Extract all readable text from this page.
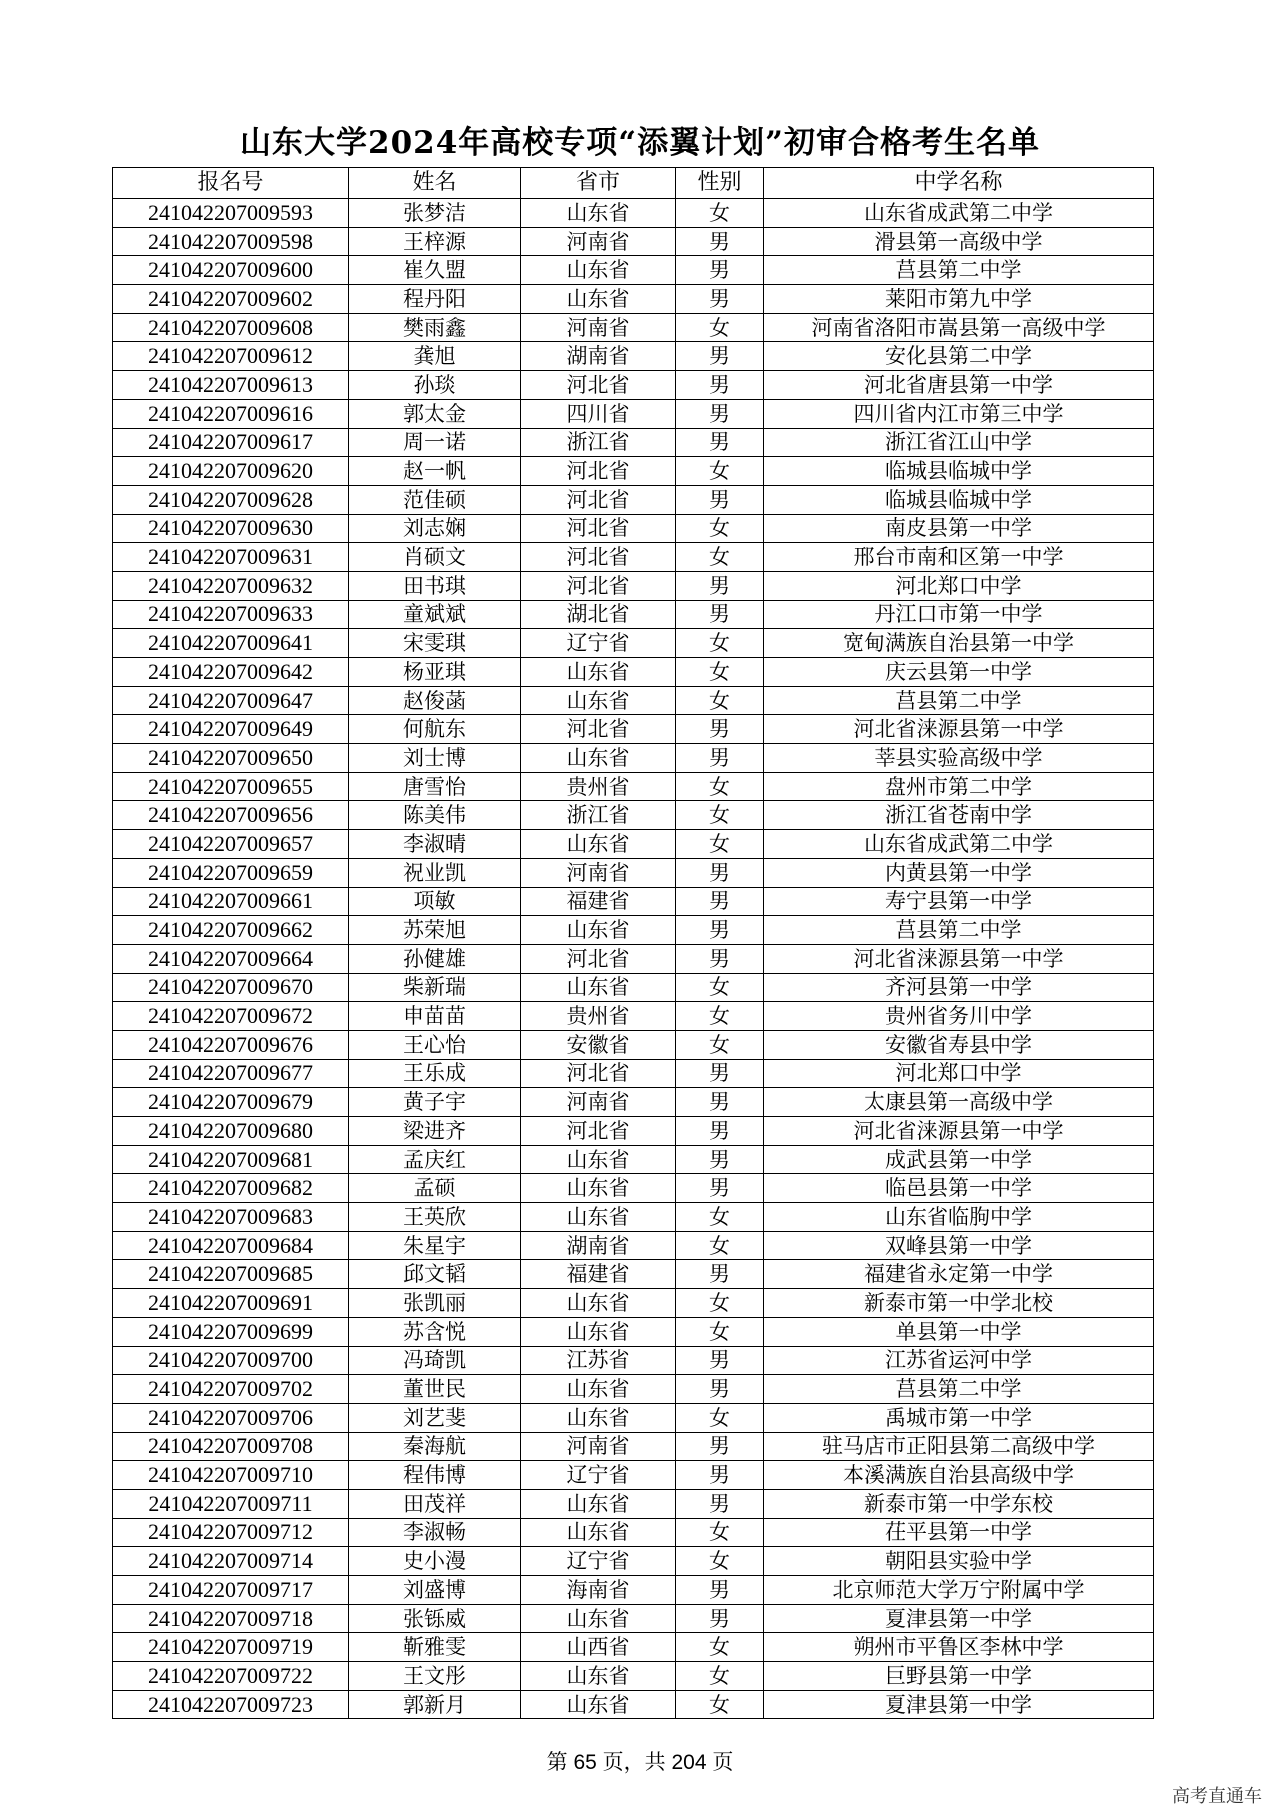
山东大学2024年高校专项“添翼计划”初审合格考生名单
报名号	姓名	省市	性别	中学名称
241042207009593	张梦洁	山东省	女	山东省成武第二中学
241042207009598	王梓源	河南省	男	滑县第一高级中学
241042207009600	崔久盟	山东省	男	莒县第二中学
241042207009602	程丹阳	山东省	男	莱阳市第九中学
241042207009608	樊雨鑫	河南省	女	河南省洛阳市嵩县第一高级中学
241042207009612	龚旭	湖南省	男	安化县第二中学
241042207009613	孙琰	河北省	男	河北省唐县第一中学
241042207009616	郭太金	四川省	男	四川省内江市第三中学
241042207009617	周一诺	浙江省	男	浙江省江山中学
241042207009620	赵一帆	河北省	女	临城县临城中学
241042207009628	范佳硕	河北省	男	临城县临城中学
241042207009630	刘志娴	河北省	女	南皮县第一中学
241042207009631	肖硕文	河北省	女	邢台市南和区第一中学
241042207009632	田书琪	河北省	男	河北郑口中学
241042207009633	童斌斌	湖北省	男	丹江口市第一中学
241042207009641	宋雯琪	辽宁省	女	宽甸满族自治县第一中学
241042207009642	杨亚琪	山东省	女	庆云县第一中学
241042207009647	赵俊菡	山东省	女	莒县第二中学
241042207009649	何航东	河北省	男	河北省涞源县第一中学
241042207009650	刘士博	山东省	男	莘县实验高级中学
241042207009655	唐雪怡	贵州省	女	盘州市第二中学
241042207009656	陈美伟	浙江省	女	浙江省苍南中学
241042207009657	李淑晴	山东省	女	山东省成武第二中学
241042207009659	祝业凯	河南省	男	内黄县第一中学
241042207009661	项敏	福建省	男	寿宁县第一中学
241042207009662	苏荣旭	山东省	男	莒县第二中学
241042207009664	孙健雄	河北省	男	河北省涞源县第一中学
241042207009670	柴新瑞	山东省	女	齐河县第一中学
241042207009672	申苗苗	贵州省	女	贵州省务川中学
241042207009676	王心怡	安徽省	女	安徽省寿县中学
241042207009677	王乐成	河北省	男	河北郑口中学
241042207009679	黄子宇	河南省	男	太康县第一高级中学
241042207009680	梁进齐	河北省	男	河北省涞源县第一中学
241042207009681	孟庆红	山东省	男	成武县第一中学
241042207009682	孟硕	山东省	男	临邑县第一中学
241042207009683	王英欣	山东省	女	山东省临朐中学
241042207009684	朱星宇	湖南省	女	双峰县第一中学
241042207009685	邱文韬	福建省	男	福建省永定第一中学
241042207009691	张凯丽	山东省	女	新泰市第一中学北校
241042207009699	苏含悦	山东省	女	单县第一中学
241042207009700	冯琦凯	江苏省	男	江苏省运河中学
241042207009702	董世民	山东省	男	莒县第二中学
241042207009706	刘艺斐	山东省	女	禹城市第一中学
241042207009708	秦海航	河南省	男	驻马店市正阳县第二高级中学
241042207009710	程伟博	辽宁省	男	本溪满族自治县高级中学
241042207009711	田茂祥	山东省	男	新泰市第一中学东校
241042207009712	李淑畅	山东省	女	茌平县第一中学
241042207009714	史小漫	辽宁省	女	朝阳县实验中学
241042207009717	刘盛博	海南省	男	北京师范大学万宁附属中学
241042207009718	张铄威	山东省	男	夏津县第一中学
241042207009719	靳雅雯	山西省	女	朔州市平鲁区李林中学
241042207009722	王文彤	山东省	女	巨野县第一中学
241042207009723	郭新月	山东省	女	夏津县第一中学
第 65 页，共 204 页
高考直通车
